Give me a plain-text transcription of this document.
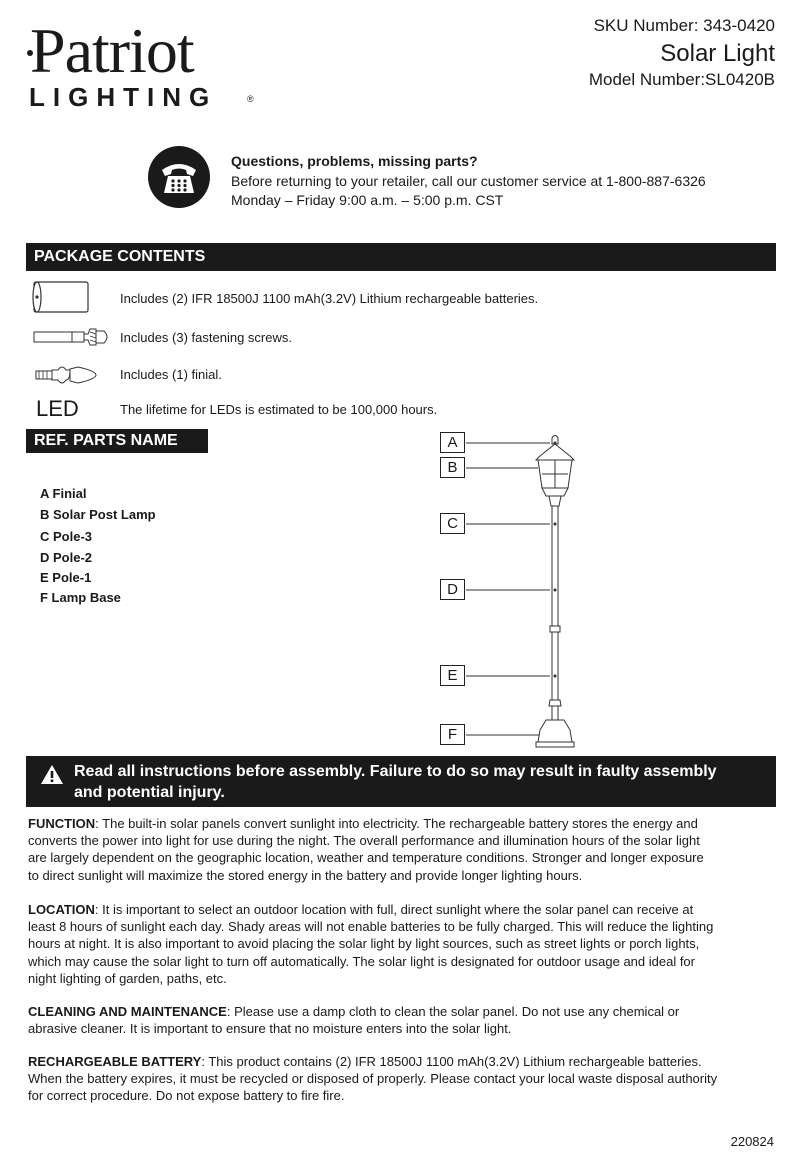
Patriot
LIGHTING	®
SKU Number: 343-0420
Solar Light
Model Number:SL0420B
Questions, problems, missing parts?
Before returning to your retailer, call our customer service at 1-800-887-6326
Monday – Friday 9:00 a.m. – 5:00 p.m. CST
PACKAGE CONTENTS
Includes (2) IFR 18500J 1100 mAh(3.2V) Lithium rechargeable batteries.
Includes (3) fastening screws.
Includes (1) finial.
LED	The lifetime for LEDs is estimated to be 100,000 hours.
REF. PARTS NAME
A Finial
B Solar Post Lamp
C Pole-3
D Pole-2
E Pole-1
F Lamp Base
A
B
C
D
E
F
Read all instructions before assembly. Failure to do so may result in faulty assembly
and potential injury.
FUNCTION: The built-in solar panels convert sunlight into electricity. The rechargeable battery stores the energy and
converts the power into light for use during the night. The overall performance and illumination hours of the solar light
are largely dependent on the geographic location, weather and temperature conditions. Stronger and longer exposure
to direct sunlight will maximize the stored energy in the battery and provide longer lighting hours.
LOCATION: It is important to select an outdoor location with full, direct sunlight where the solar panel can receive at
least 8 hours of sunlight each day. Shady areas will not enable batteries to be fully charged. This will reduce the lighting
hours at night. It is also important to avoid placing the solar light by light sources, such as street lights or porch lights,
which may cause the solar light to turn off automatically. The solar light is designated for outdoor usage and ideal for
night lighting of garden, paths, etc.
CLEANING AND MAINTENANCE: Please use a damp cloth to clean the solar panel. Do not use any chemical or
abrasive cleaner. It is important to ensure that no moisture enters into the solar light.
RECHARGEABLE BATTERY: This product contains (2) IFR 18500J 1100 mAh(3.2V) Lithium rechargeable batteries.
When the battery expires, it must be recycled or disposed of properly. Please contact your local waste disposal authority
for correct procedure. Do not expose battery to fire fire.
220824
